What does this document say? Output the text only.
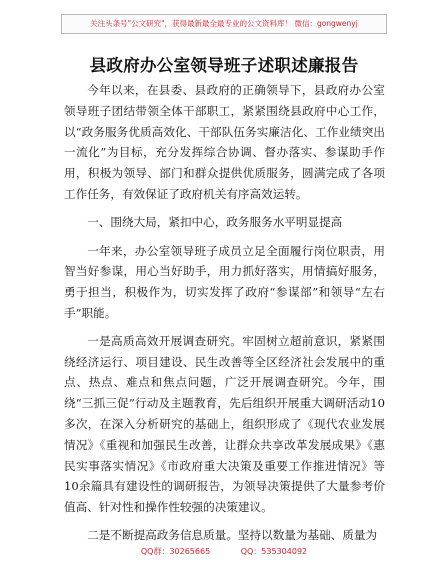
关注头条号"公文研究"，获得最新最全最专业的公文资料库！ 微信：gongwenyj
县政府办公室领导班子述职述廉报告

今年以来，在县委、县政府的正确领导下，县政府办公室领导班子团结带领全体干部职工，紧紧围绕县政府中心工作，以“政务服务优质高效化、干部队伍务实廉洁化、工作业绩突出一流化”为目标，充分发挥综合协调、督办落实、参谋助手作用，积极为领导、部门和群众提供优质服务，圆满完成了各项工作任务，有效保证了政府机关有序高效运转。

一、围绕大局，紧扣中心，政务服务水平明显提高

一年来，办公室领导班子成员立足全面履行岗位职责，用智当好参谋，用心当好助手，用力抓好落实，用情搞好服务，勇于担当，积极作为，切实发挥了政府“参谋部”和领导“左右手”职能。

一是高质高效开展调查研究。牢固树立超前意识，紧紧围绕经济运行、项目建设、民生改善等全区经济社会发展中的重点、热点、难点和焦点问题，广泛开展调查研究。今年，围绕“三抓三促”行动及主题教育，先后组织开展重大调研活动10多次，在深入分析研究的基础上，组织形成了《现代农业发展情况》《重视和加强民生改善，让群众共享改革发展成果》《惠民实事落实情况》《市政府重大决策及重要工作推进情况》等10余篇具有建设性的调研报告，为领导决策提供了大量参考价值高、针对性和操作性较强的决策建议。

二是不断提高政务信息质量。坚持以数量为基础、质量为

QQ群：30265665	QQ：535304092
